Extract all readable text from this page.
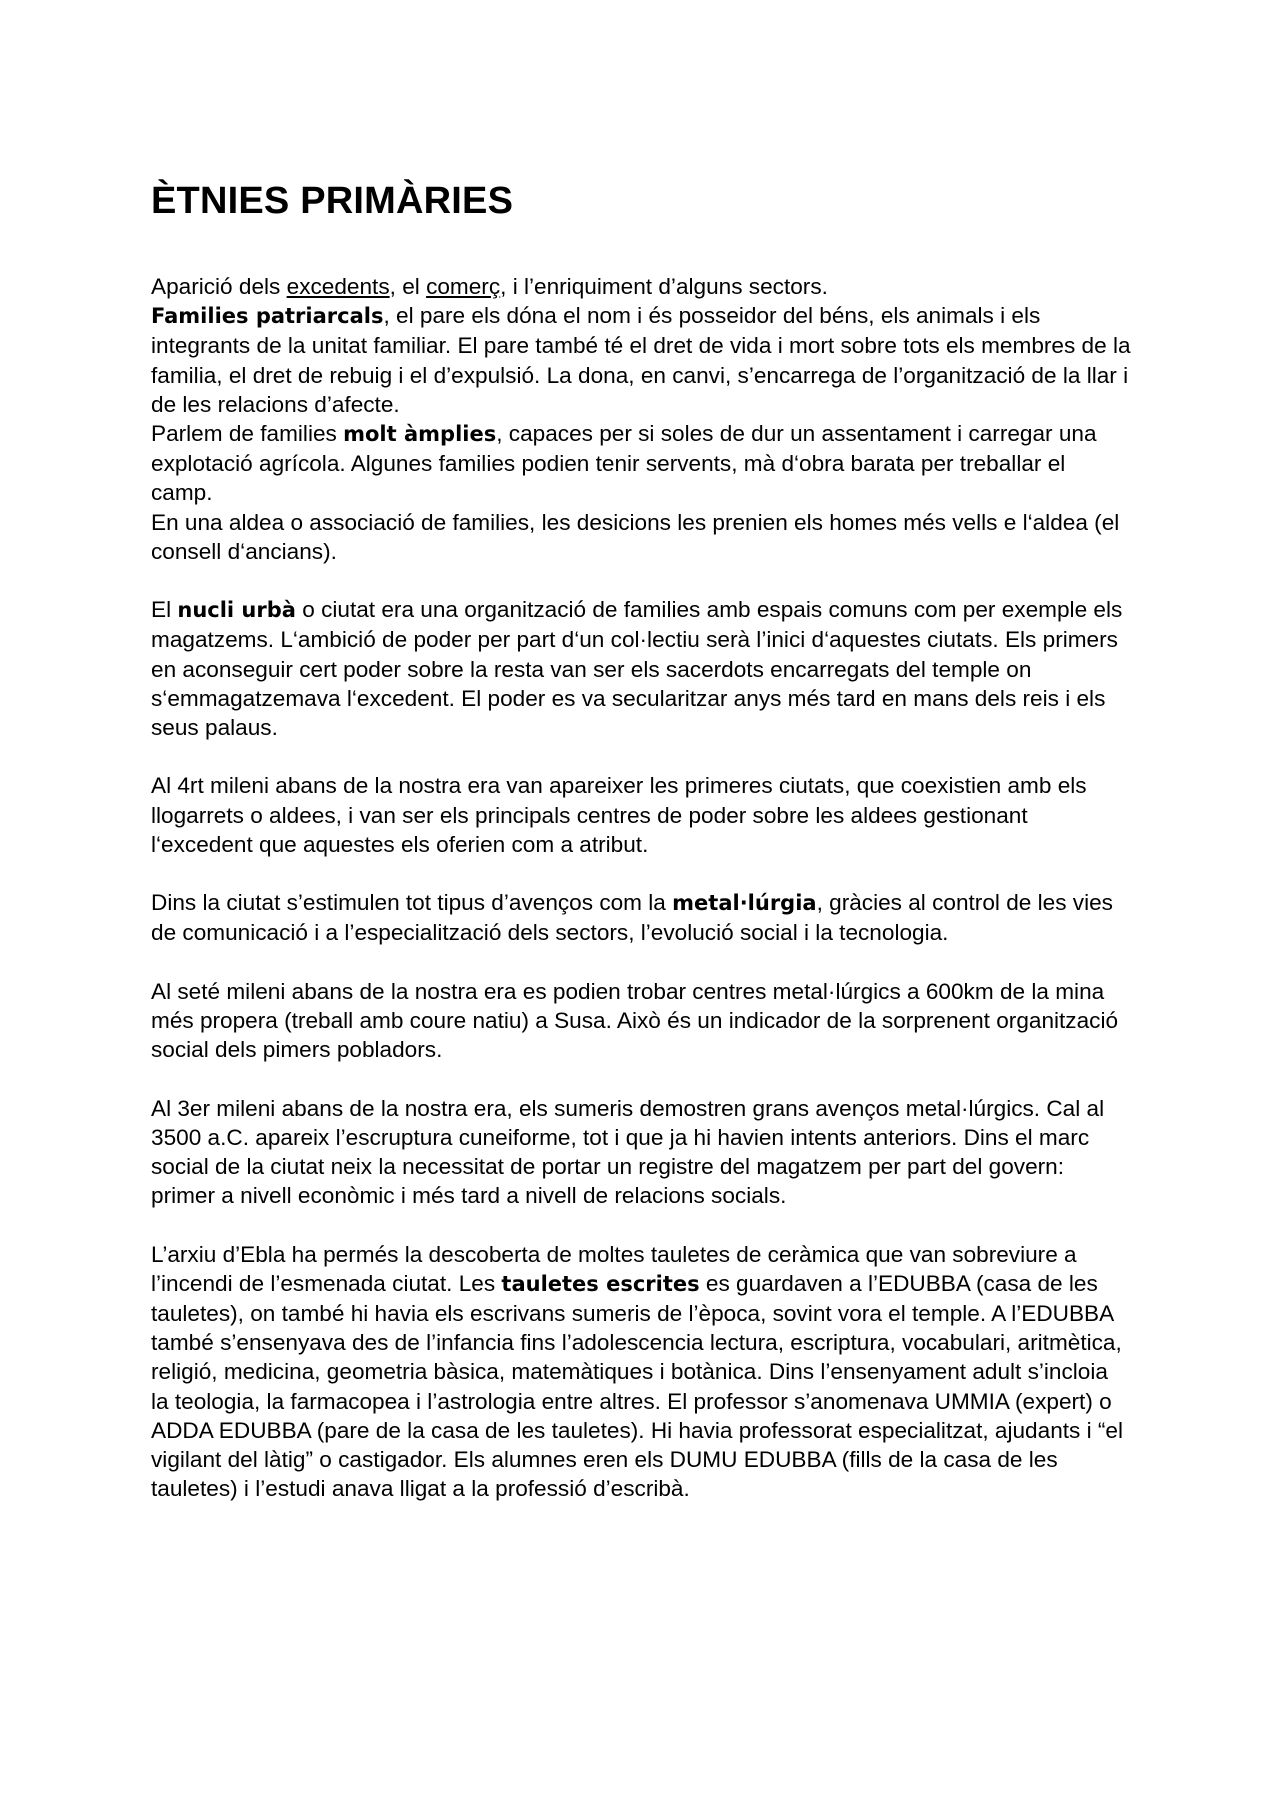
ÈTNIES PRIMÀRIES

Aparició dels excedents, el comerç, i l’enriquiment d’alguns sectors.

Families patriarcals, el pare els dóna el nom i és posseidor del béns, els animals i els integrants de la unitat familiar. El pare també té el dret de vida i mort sobre tots els membres de la familia, el dret de rebuig i el d’expulsió. La dona, en canvi, s’encarrega de l’organització de la llar i de les relacions d’afecte.

Parlem de families molt àmplies, capaces per si soles de dur un assentament i carregar una explotació agrícola. Algunes families podien tenir servents, mà d‘obra barata per treballar el camp.

En una aldea o associació de families, les desicions les prenien els homes més vells e l‘aldea (el consell d‘ancians).

El nucli urbà o ciutat era una organització de families amb espais comuns com per exemple els magatzems. L‘ambició de poder per part d‘un col·lectiu serà l’inici d‘aquestes ciutats. Els primers en aconseguir cert poder sobre la resta van ser els sacerdots encarregats del temple on s‘emmagatzemava l‘excedent. El poder es va secularitzar anys més tard en mans dels reis i els seus palaus.

Al 4rt mileni abans de la nostra era van apareixer les primeres ciutats, que coexistien amb els llogarrets o aldees, i van ser els principals centres de poder sobre les aldees gestionant l‘excedent que aquestes els oferien com a atribut.

Dins la ciutat s’estimulen tot tipus d’avenços com la metal·lúrgia, gràcies al control de les vies de comunicació i a l’especialització dels sectors, l’evolució social i la tecnologia.

Al seté mileni abans de la nostra era es podien trobar centres metal·lúrgics a 600km de la mina més propera (treball amb coure natiu) a Susa. Això és un indicador de la sorprenent organització social dels pimers pobladors.

Al 3er mileni abans de la nostra era, els sumeris demostren grans avenços metal·lúrgics. Cal al 3500 a.C. apareix l’escruptura cuneiforme, tot i que ja hi havien intents anteriors. Dins el marc social de la ciutat neix la necessitat de portar un registre del magatzem per part del govern: primer a nivell econòmic i més tard a nivell de relacions socials.

L’arxiu d’Ebla ha permés la descoberta de moltes tauletes de ceràmica que van sobreviure a l’incendi de l’esmenada ciutat. Les tauletes escrites es guardaven a l’EDUBBA (casa de les tauletes), on també hi havia els escrivans sumeris de l’època, sovint vora el temple. A l’EDUBBA també s’ensenyava des de l’infancia fins l’adolescencia lectura, escriptura, vocabulari, aritmètica, religió, medicina, geometria bàsica, matemàtiques i botànica. Dins l’ensenyament adult s’incloia la teologia, la farmacopea i l’astrologia entre altres. El professor s’anomenava UMMIA (expert) o ADDA EDUBBA (pare de la casa de les tauletes). Hi havia professorat especialitzat, ajudants i “el vigilant del làtig” o castigador. Els alumnes eren els DUMU EDUBBA (fills de la casa de les tauletes) i l’estudi anava lligat a la professió d’escribà.
